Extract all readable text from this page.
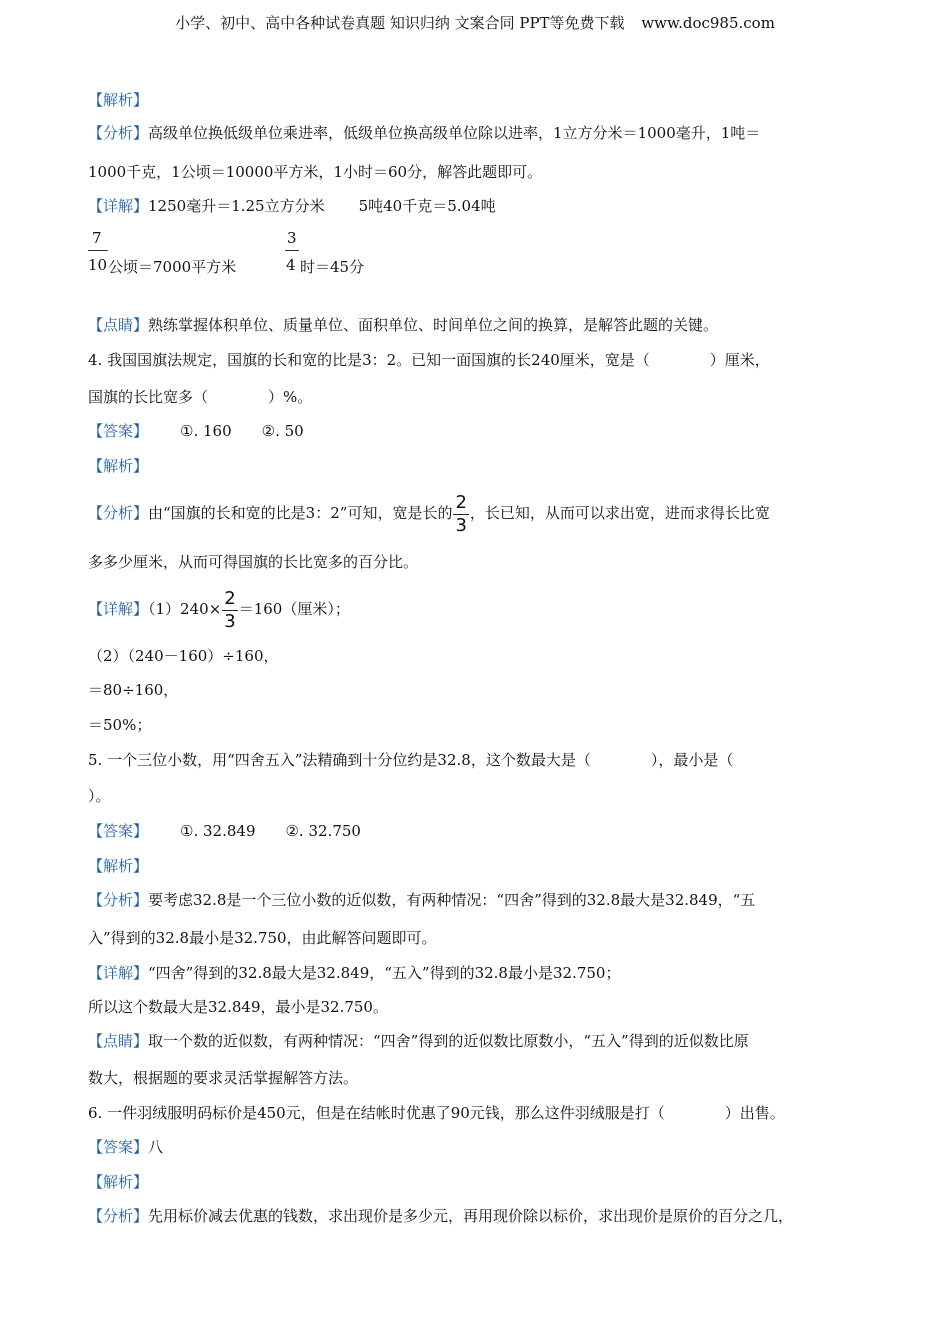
小学、初中、高中各种试卷真题 知识归纳 文案合同 PPT等免费下载 www.doc985.com
【解析】
【分析】高级单位换低级单位乘进率，低级单位换高级单位除以进率，1立方分米＝1000毫升，1吨＝
1000千克，1公顷＝10000平方米，1小时＝60分，解答此题即可。
【详解】1250毫升＝1.25立方分米 5吨40千克＝5.04吨
7
10 公顷＝7000平方米
3
4 时＝45分
【点睛】熟练掌握体积单位、质量单位、面积单位、时间单位之间的换算，是解答此题的关键。
4. 我国国旗法规定，国旗的长和宽的比是3：2。已知一面国旗的长240厘米，宽是（　　　　）厘米，
国旗的长比宽多（　　　　）%。
【答案】 ①. 160　　②. 50
【解析】
【分析】由“国旗的长和宽的比是3：2”可知，宽是长的 $\frac{2}{3}$ ，长已知，从而可以求出宽，进而求得长比宽
多多少厘米，从而可得国旗的长比宽多的百分比。
【详解】$(1)240\times \frac{2}{3} =160$（厘米）；
（2）（240－160）÷160，
＝80÷160，
＝50%；
5. 一个三位小数，用“四舍五入”法精确到十分位约是32.8，这个数最大是（　　　　），最小是（
）。
【答案】 ①. 32.849　　②. 32.750
【解析】
【分析】要考虑32.8是一个三位小数的近似数，有两种情况：“四舍”得到的32.8最大是32.849，“五
入”得到的32.8最小是32.750，由此解答问题即可。
【详解】“四舍”得到的32.8最大是32.849，“五入”得到的32.8最小是32.750；
所以这个数最大是32.849，最小是32.750。
【点睛】取一个数的近似数，有两种情况：“四舍”得到的近似数比原数小，“五入”得到的近似数比原
数大，根据题的要求灵活掌握解答方法。
6. 一件羽绒服明码标价是450元，但是在结帐时优惠了90元钱，那么这件羽绒服是打（　　　　）出售。
【答案】八
【解析】
【分析】先用标价减去优惠的钱数，求出现价是多少元，再用现价除以标价，求出现价是原价的百分之几，
